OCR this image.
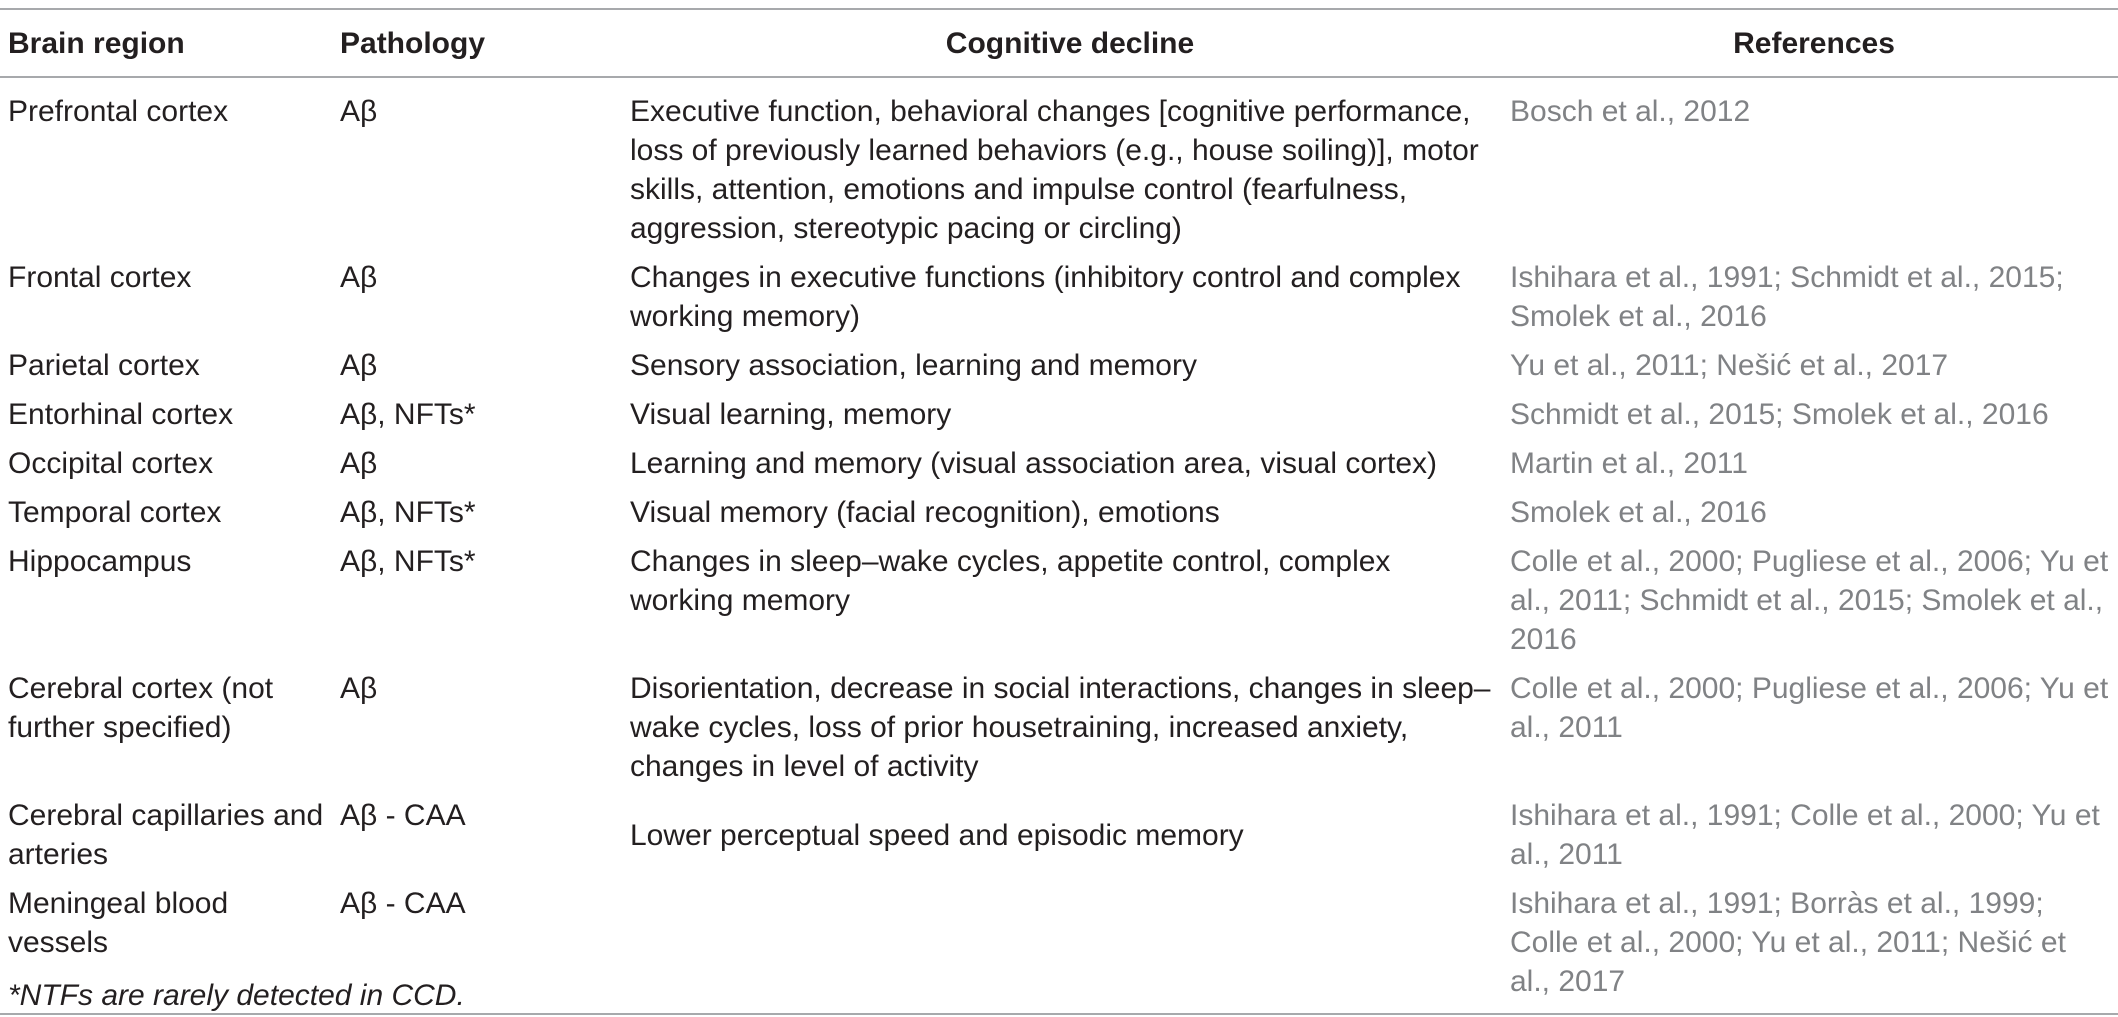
Brain region	Pathology	Cognitive decline	References
Prefrontal cortex	Aβ	Executive function, behavioral changes [cognitive performance, loss of previously learned behaviors (e.g., house soiling)], motor skills, attention, emotions and impulse control (fearfulness, aggression, stereotypic pacing or circling)	Bosch et al., 2012
Frontal cortex	Aβ	Changes in executive functions (inhibitory control and complex working memory)	Ishihara et al., 1991; Schmidt et al., 2015; Smolek et al., 2016
Parietal cortex	Aβ	Sensory association, learning and memory	Yu et al., 2011; Nešić et al., 2017
Entorhinal cortex	Aβ, NFTs*	Visual learning, memory	Schmidt et al., 2015; Smolek et al., 2016
Occipital cortex	Aβ	Learning and memory (visual association area, visual cortex)	Martin et al., 2011
Temporal cortex	Aβ, NFTs*	Visual memory (facial recognition), emotions	Smolek et al., 2016
Hippocampus	Aβ, NFTs*	Changes in sleep–wake cycles, appetite control, complex working memory	Colle et al., 2000; Pugliese et al., 2006; Yu et al., 2011; Schmidt et al., 2015; Smolek et al., 2016
Cerebral cortex (not further specified)	Aβ	Disorientation, decrease in social interactions, changes in sleep–wake cycles, loss of prior housetraining, increased anxiety, changes in level of activity	Colle et al., 2000; Pugliese et al., 2006; Yu et al., 2011
Cerebral capillaries and arteries	Aβ - CAA	Lower perceptual speed and episodic memory	Ishihara et al., 1991; Colle et al., 2000; Yu et al., 2011
Meningeal blood vessels	Aβ - CAA		Ishihara et al., 1991; Borràs et al., 1999; Colle et al., 2000; Yu et al., 2011; Nešić et al., 2017
*NTFs are rarely detected in CCD.
